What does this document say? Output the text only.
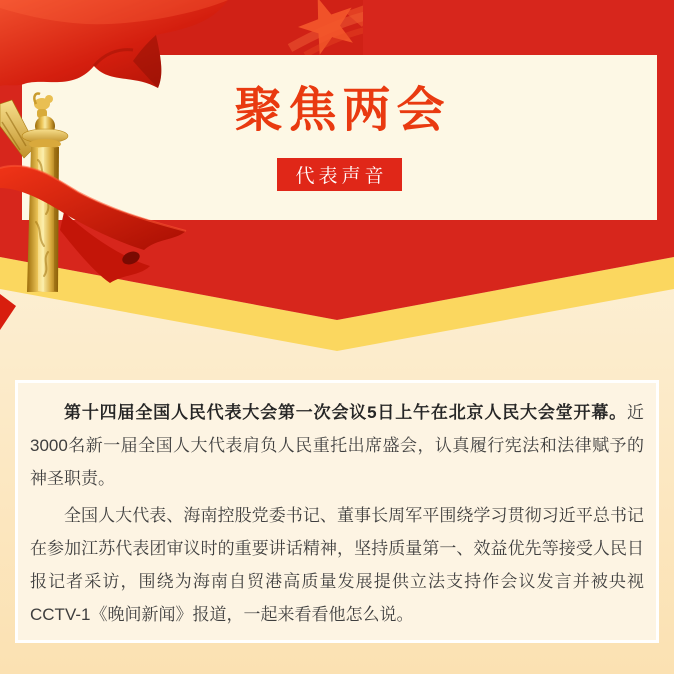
聚焦两会
代表声音

第十四届全国人民代表大会第一次会议5日上午在北京人民大会堂开幕。近3000名新一届全国人大代表肩负人民重托出席盛会，认真履行宪法和法律赋予的神圣职责。

全国人大代表、海南控股党委书记、董事长周军平围绕学习贯彻习近平总书记在参加江苏代表团审议时的重要讲话精神，坚持质量第一、效益优先等接受人民日报记者采访，围绕为海南自贸港高质量发展提供立法支持作会议发言并被央视CCTV-1《晚间新闻》报道，一起来看看他怎么说。
